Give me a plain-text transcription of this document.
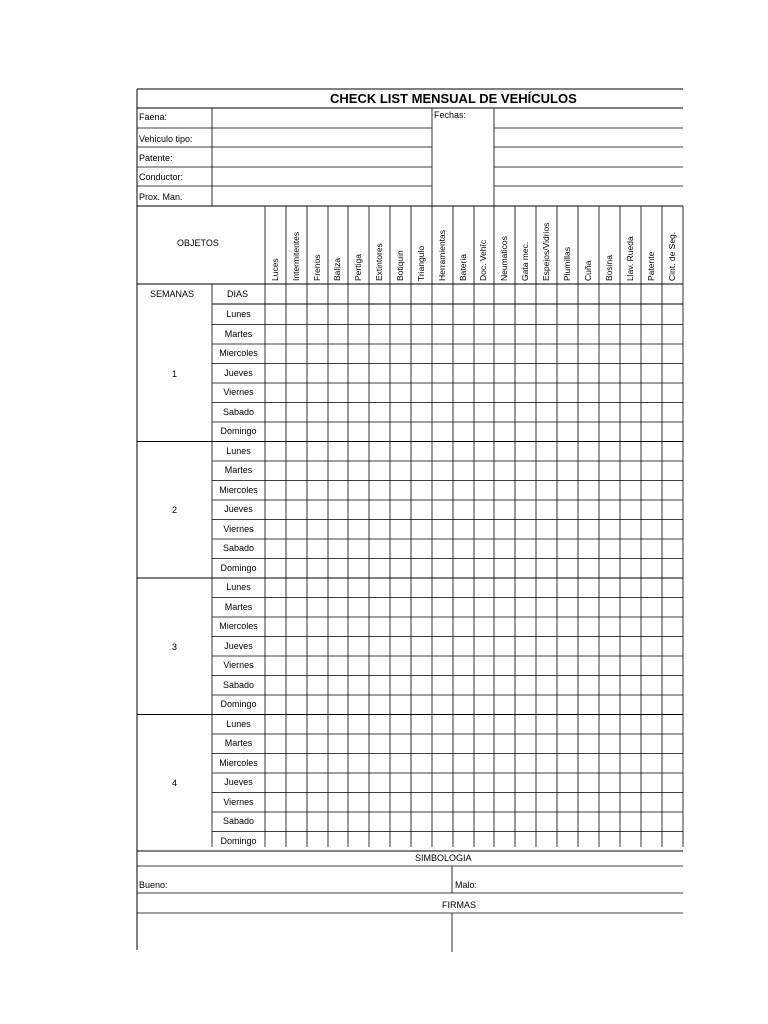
CHECK LIST MENSUAL DE VEHÍCULOS
Faena:
Vehiculo tipo:
Patente:
Conductor:
Prox. Man.
Fechas:
OBJETOS
SEMANAS	DIAS
Luces Intermitentes Frenos Baliza Pertiga Extintores Botiquin Triangulo Herramientas Bateria Doc. Vehîc Neumaticos Gata mec. Espejos/Vidrios Plumillas Cuña Bosina Llav. Rueda Patente Cint. de Seg.
1
Lunes
Martes
Miercoles
Jueves
Viernes
Sabado
Domingo
2
Lunes
Martes
Miercoles
Jueves
Viernes
Sabado
Domingo
3
Lunes
Martes
Miercoles
Jueves
Viernes
Sabado
Domingo
4
Lunes
Martes
Miercoles
Jueves
Viernes
Sabado
Domingo
SIMBOLOGIA
Bueno:	Malo:
FIRMAS
